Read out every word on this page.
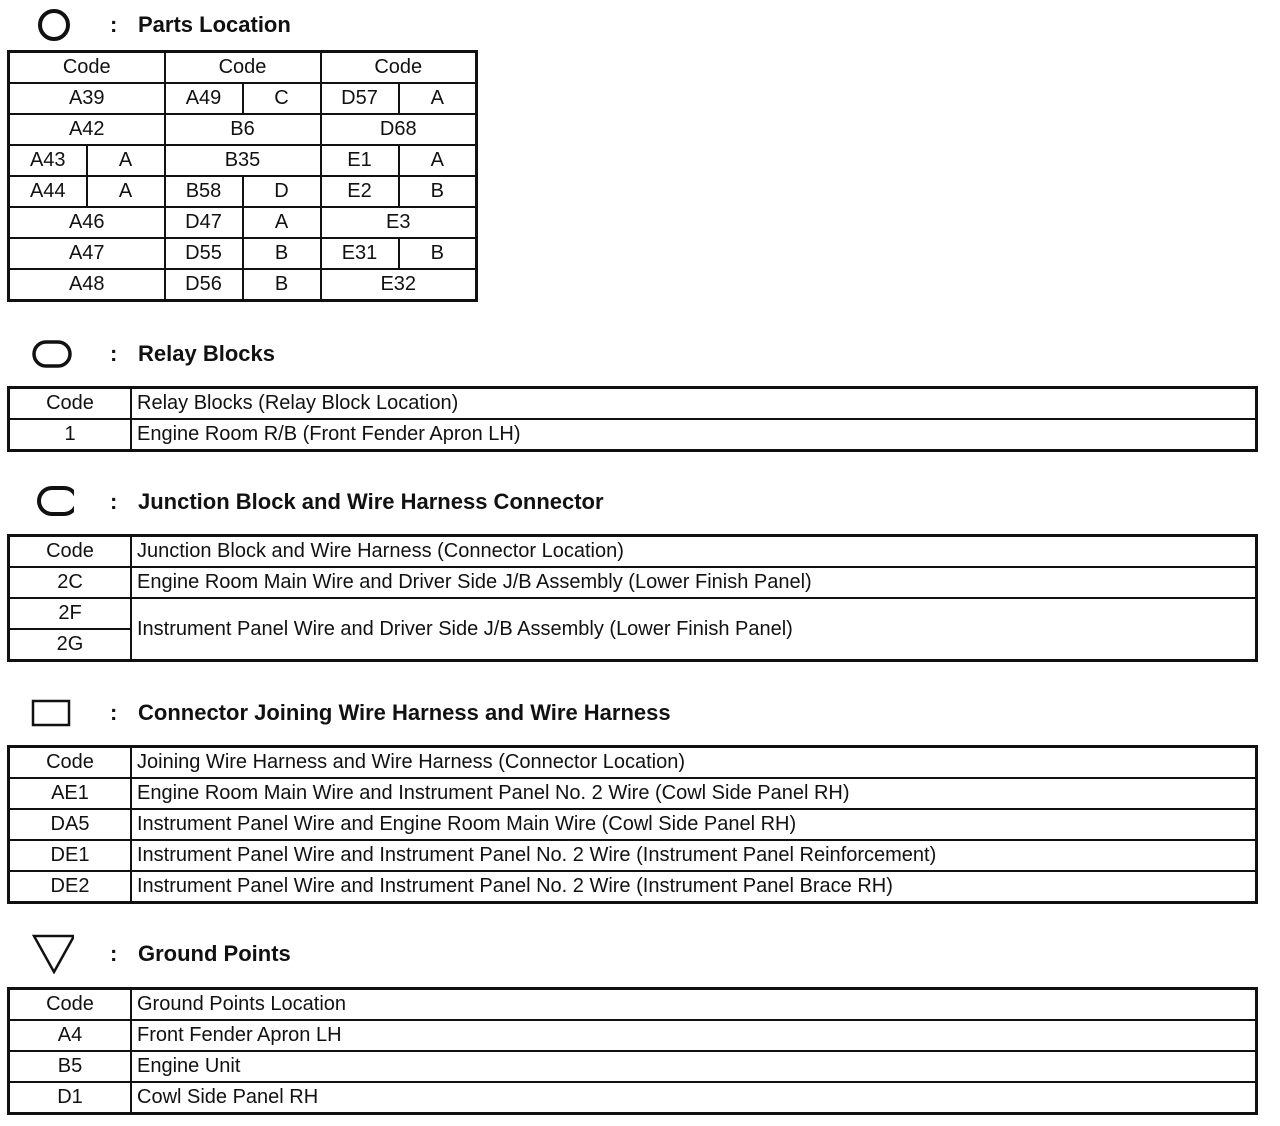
: Parts Location
Code		Code		Code	
A39		A49	C	D57	A
A42		B6		D68	
A43	A	B35		E1	A
A44	A	B58	D	E2	B
A46		D47	A	E3	
A47		D55	B	E31	B
A48		D56	B	E32	
: Relay Blocks
Code	Relay Blocks (Relay Block Location)
1	Engine Room R/B (Front Fender Apron LH)
: Junction Block and Wire Harness Connector
Code	Junction Block and Wire Harness (Connector Location)
2C	Engine Room Main Wire and Driver Side J/B Assembly (Lower Finish Panel)
2F	Instrument Panel Wire and Driver Side J/B Assembly (Lower Finish Panel)
2G	
: Connector Joining Wire Harness and Wire Harness
Code	Joining Wire Harness and Wire Harness (Connector Location)
AE1	Engine Room Main Wire and Instrument Panel No. 2 Wire (Cowl Side Panel RH)
DA5	Instrument Panel Wire and Engine Room Main Wire (Cowl Side Panel RH)
DE1	Instrument Panel Wire and Instrument Panel No. 2 Wire (Instrument Panel Reinforcement)
DE2	Instrument Panel Wire and Instrument Panel No. 2 Wire (Instrument Panel Brace RH)
: Ground Points
Code	Ground Points Location
A4	Front Fender Apron LH
B5	Engine Unit
D1	Cowl Side Panel RH
